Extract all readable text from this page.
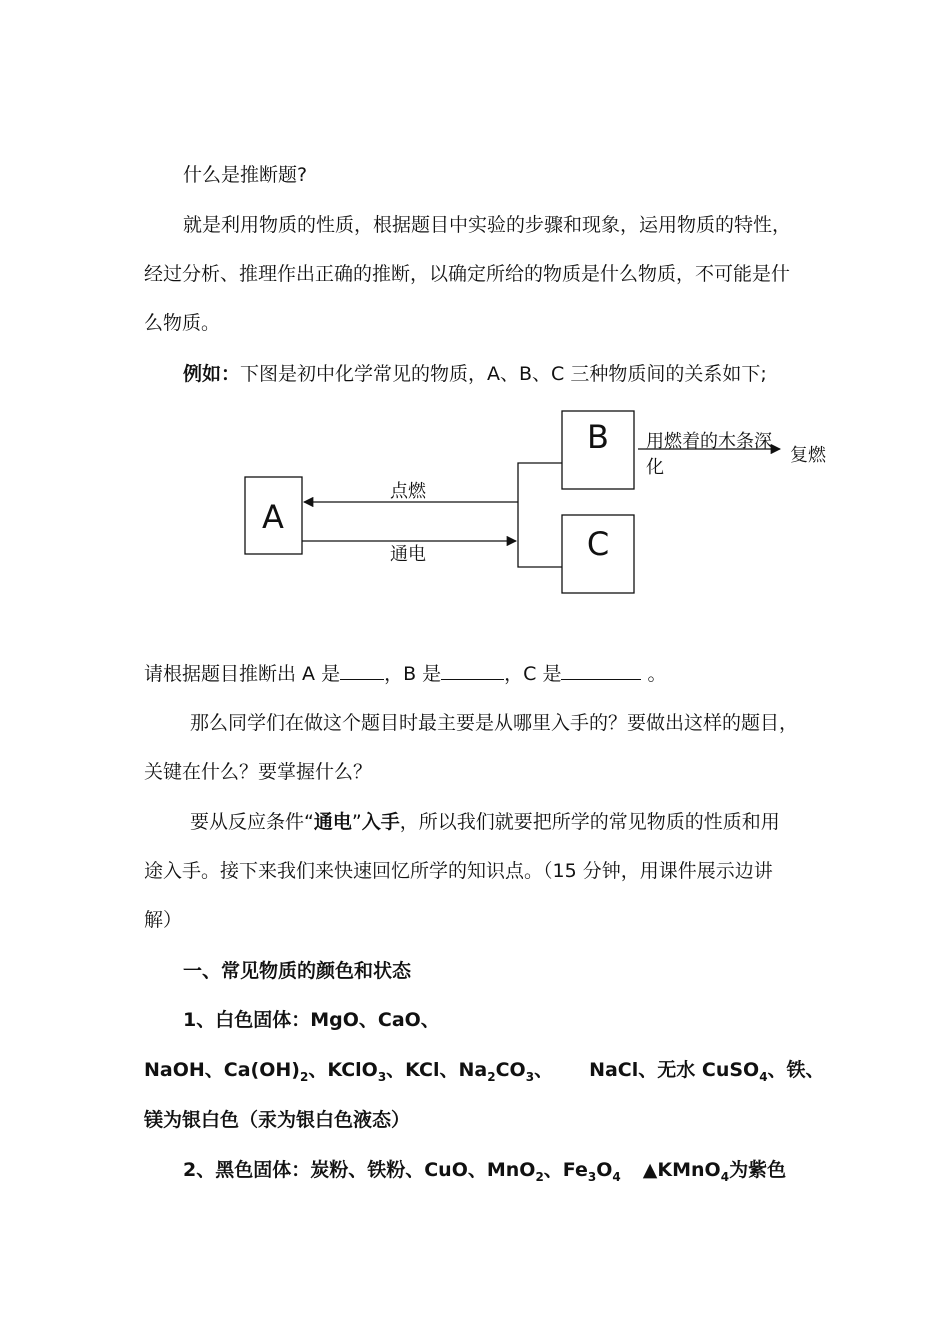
什么是推断题?
就是利用物质的性质，根据题目中实验的步骤和现象，运用物质的特性，
经过分析、推理作出正确的推断，以确定所给的物质是什么物质，不可能是什
么物质。
例如：下图是初中化学常见的物质，A、B、C 三种物质间的关系如下;
A
B
C
点燃
通电
用燃着的木条深
化
复燃
请根据题目推断出 A 是 ，B 是	，C 是	。
那么同学们在做这个题目时最主要是从哪里入手的？要做出这样的题目，
关键在什么？要掌握什么？
要从反应条件“通电”入手，所以我们就要把所学的常见物质的性质和用
途入手。接下来我们来快速回忆所学的知识点。（15 分钟，用课件展示边讲
解）
一、常见物质的颜色和状态
1、白色固体：MgO、CaO、
NaOH、$Ca(OH)_2$、KClO$_3$、KCl、$Na_2CO_3$、 NaCl、无水 CuSO$_4$、铁、
镁为银白色（汞为银白色液态）
2、黑色固体：炭粉、铁粉、CuO、MnO$_2$、$Fe_3O_4$ ▲KMnO$_4$为紫色
